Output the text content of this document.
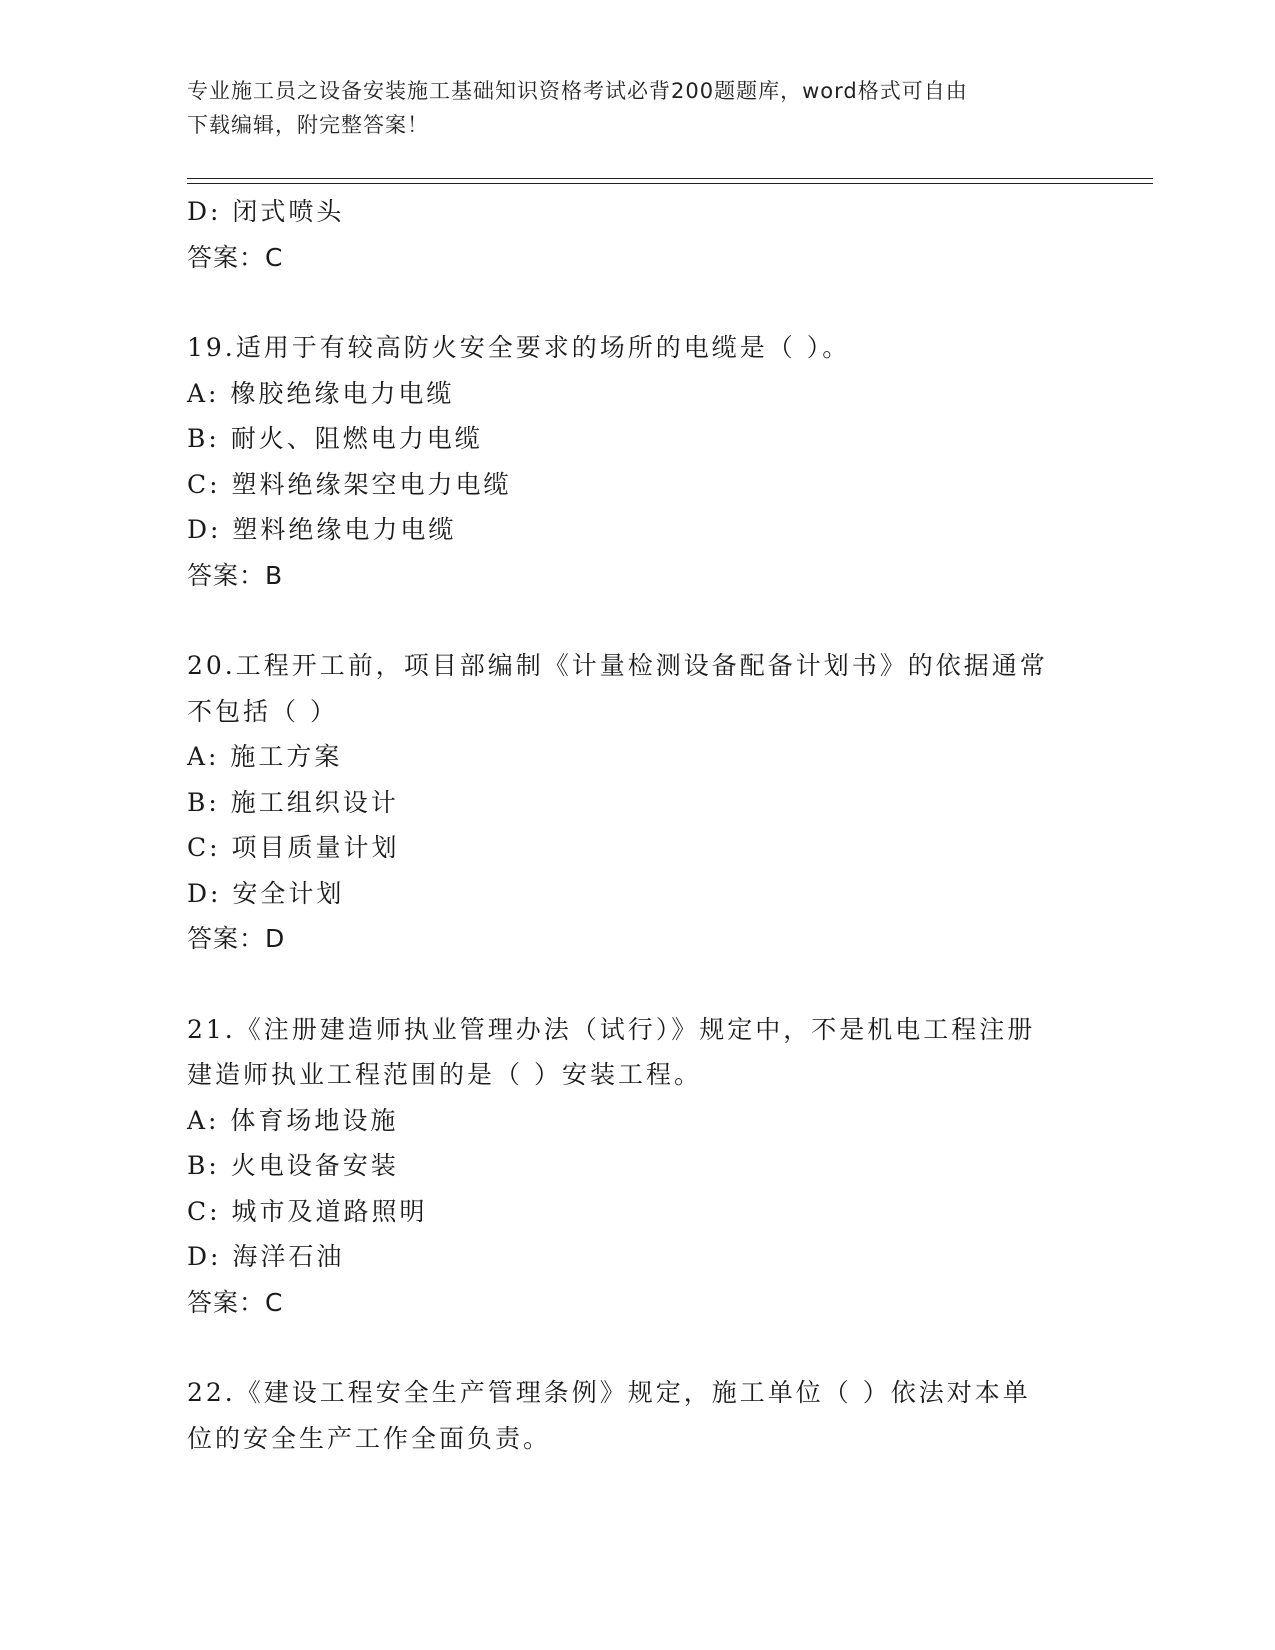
专业施工员之设备安装施工基础知识资格考试必背200题题库，word格式可自由
下载编辑，附完整答案！
D: 闭式喷头
答案：C
19.适用于有较高防火安全要求的场所的电缆是（ ）。
A: 橡胶绝缘电力电缆
B: 耐火、阻燃电力电缆
C: 塑料绝缘架空电力电缆
D: 塑料绝缘电力电缆
答案：B
20.工程开工前，项目部编制《计量检测设备配备计划书》的依据通常
不包括（ ）
A: 施工方案
B: 施工组织设计
C: 项目质量计划
D: 安全计划
答案：D
21.《注册建造师执业管理办法（试行）》规定中，不是机电工程注册
建造师执业工程范围的是（ ）安装工程。
A: 体育场地设施
B: 火电设备安装
C: 城市及道路照明
D: 海洋石油
答案：C
22.《建设工程安全生产管理条例》规定，施工单位（ ）依法对本单
位的安全生产工作全面负责。
